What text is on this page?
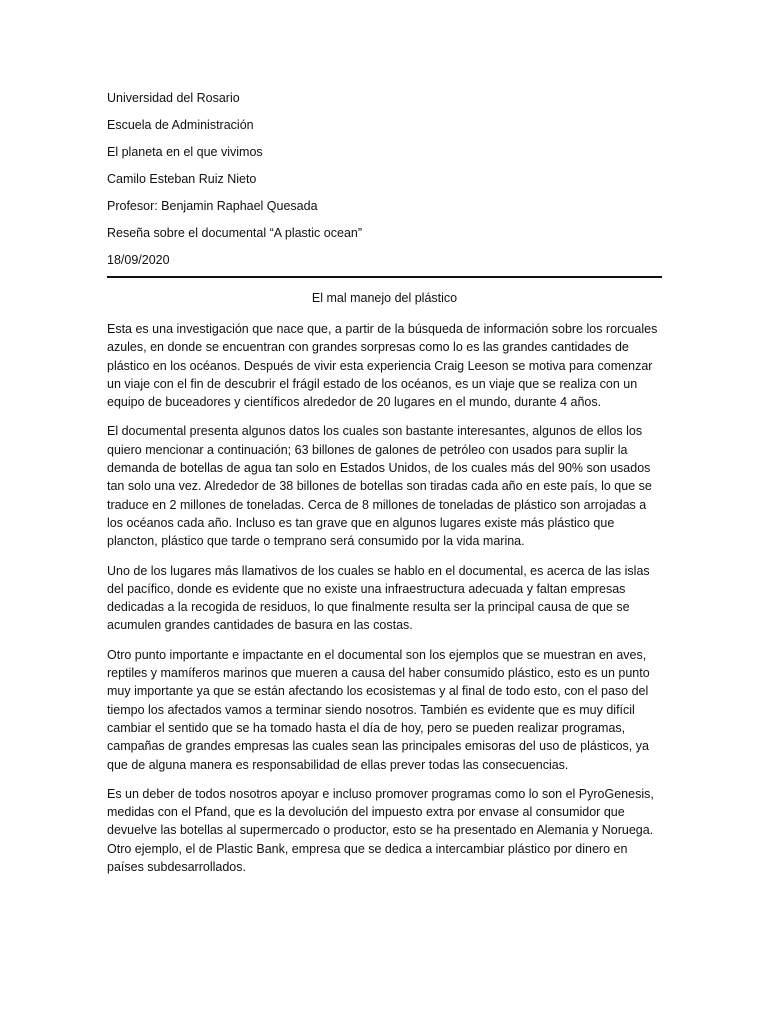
Universidad del Rosario
Escuela de Administración
El planeta en el que vivimos
Camilo Esteban Ruiz Nieto
Profesor: Benjamin Raphael Quesada
Reseña sobre el documental “A plastic ocean”
18/09/2020
El mal manejo del plástico

Esta es una investigación que nace que, a partir de la búsqueda de información sobre los rorcuales azules, en donde se encuentran con grandes sorpresas como lo es las grandes cantidades de plástico en los océanos. Después de vivir esta experiencia Craig Leeson se motiva para comenzar un viaje con el fin de descubrir el frágil estado de los océanos, es un viaje que se realiza con un equipo de buceadores y científicos alrededor de 20 lugares en el mundo, durante 4 años.

El documental presenta algunos datos los cuales son bastante interesantes, algunos de ellos los quiero mencionar a continuación; 63 billones de galones de petróleo con usados para suplir la demanda de botellas de agua tan solo en Estados Unidos, de los cuales más del 90% son usados tan solo una vez. Alrededor de 38 billones de botellas son tiradas cada año en este país, lo que se traduce en 2 millones de toneladas. Cerca de 8 millones de toneladas de plástico son arrojadas a los océanos cada año. Incluso es tan grave que en algunos lugares existe más plástico que plancton, plástico que tarde o temprano será consumido por la vida marina.

Uno de los lugares más llamativos de los cuales se hablo en el documental, es acerca de las islas del pacífico, donde es evidente que no existe una infraestructura adecuada y faltan empresas dedicadas a la recogida de residuos, lo que finalmente resulta ser la principal causa de que se acumulen grandes cantidades de basura en las costas.

Otro punto importante e impactante en el documental son los ejemplos que se muestran en aves, reptiles y mamíferos marinos que mueren a causa del haber consumido plástico, esto es un punto muy importante ya que se están afectando los ecosistemas y al final de todo esto, con el paso del tiempo los afectados vamos a terminar siendo nosotros. También es evidente que es muy difícil cambiar el sentido que se ha tomado hasta el día de hoy, pero se pueden realizar programas, campañas de grandes empresas las cuales sean las principales emisoras del uso de plásticos, ya que de alguna manera es responsabilidad de ellas prever todas las consecuencias.

Es un deber de todos nosotros apoyar e incluso promover programas como lo son el PyroGenesis, medidas con el Pfand, que es la devolución del impuesto extra por envase al consumidor que devuelve las botellas al supermercado o productor, esto se ha presentado en Alemania y Noruega. Otro ejemplo, el de Plastic Bank, empresa que se dedica a intercambiar plástico por dinero en países subdesarrollados.
